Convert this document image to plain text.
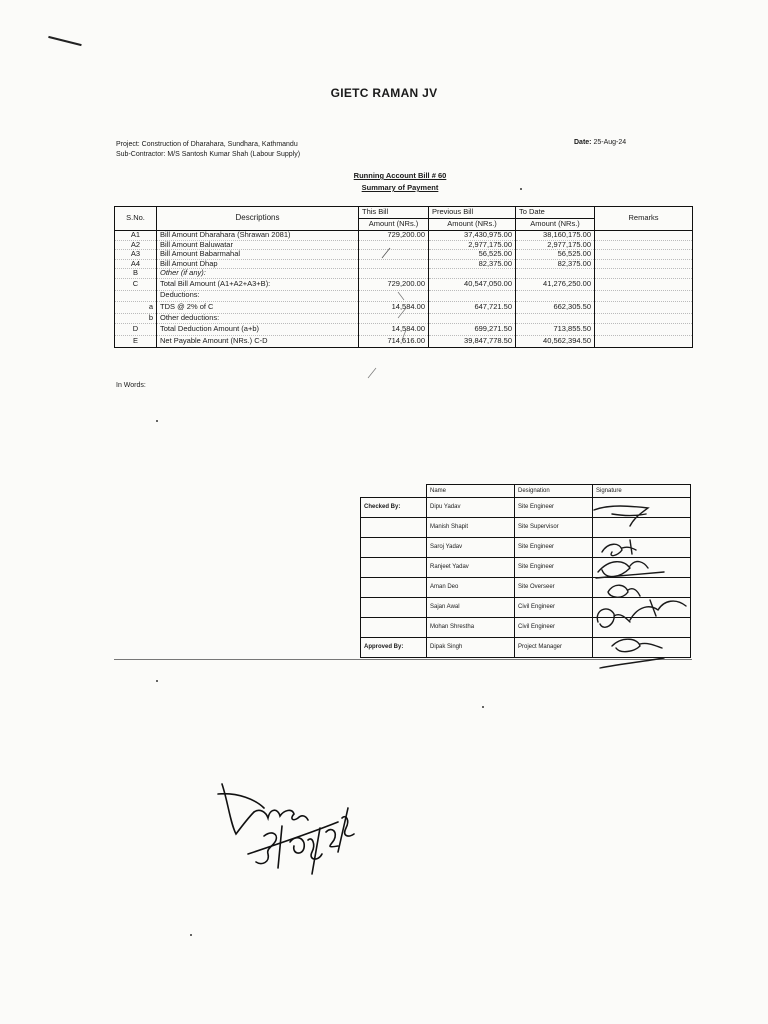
GIETC RAMAN JV
Project: Construction of Dharahara, Sundhara, Kathmandu
Sub-Contractor: M/S Santosh Kumar Shah (Labour Supply)
Date: 25-Aug-24
Running Account Bill # 60
Summary of Payment
S.No.	Descriptions	This Bill	Previous Bill	To Date	Remarks
		Amount (NRs.)	Amount (NRs.)	Amount (NRs.)	
A1	Bill Amount Dharahara (Shrawan 2081)	729,200.00	37,430,975.00	38,160,175.00	
A2	Bill Amount Baluwatar		2,977,175.00	2,977,175.00	
A3	Bill Amount Babarmahal		56,525.00	56,525.00	
A4	Bill Amount Dhap		82,375.00	82,375.00	
B	Other (if any):				
C	Total Bill Amount (A1+A2+A3+B):	729,200.00	40,547,050.00	41,276,250.00	
	Deductions:				
a	TDS @ 2% of C	14,584.00	647,721.50	662,305.50	
b	Other deductions:				
D	Total Deduction Amount (a+b)	14,584.00	699,271.50	713,855.50	
E	Net Payable Amount (NRs.) C-D	714,616.00	39,847,778.50	40,562,394.50	
In Words:
	Name	Designation	Signature
Checked By:	Dipu Yadav	Site Engineer	
	Manish Shapit	Site Supervisor	
	Saroj Yadav	Site Engineer	
	Ranjeet Yadav	Site Engineer	
	Aman Deo	Site Overseer	
	Sajan Awal	Civil Engineer	
	Mohan Shrestha	Civil Engineer	
Approved By:	Dipak Singh	Project Manager	
